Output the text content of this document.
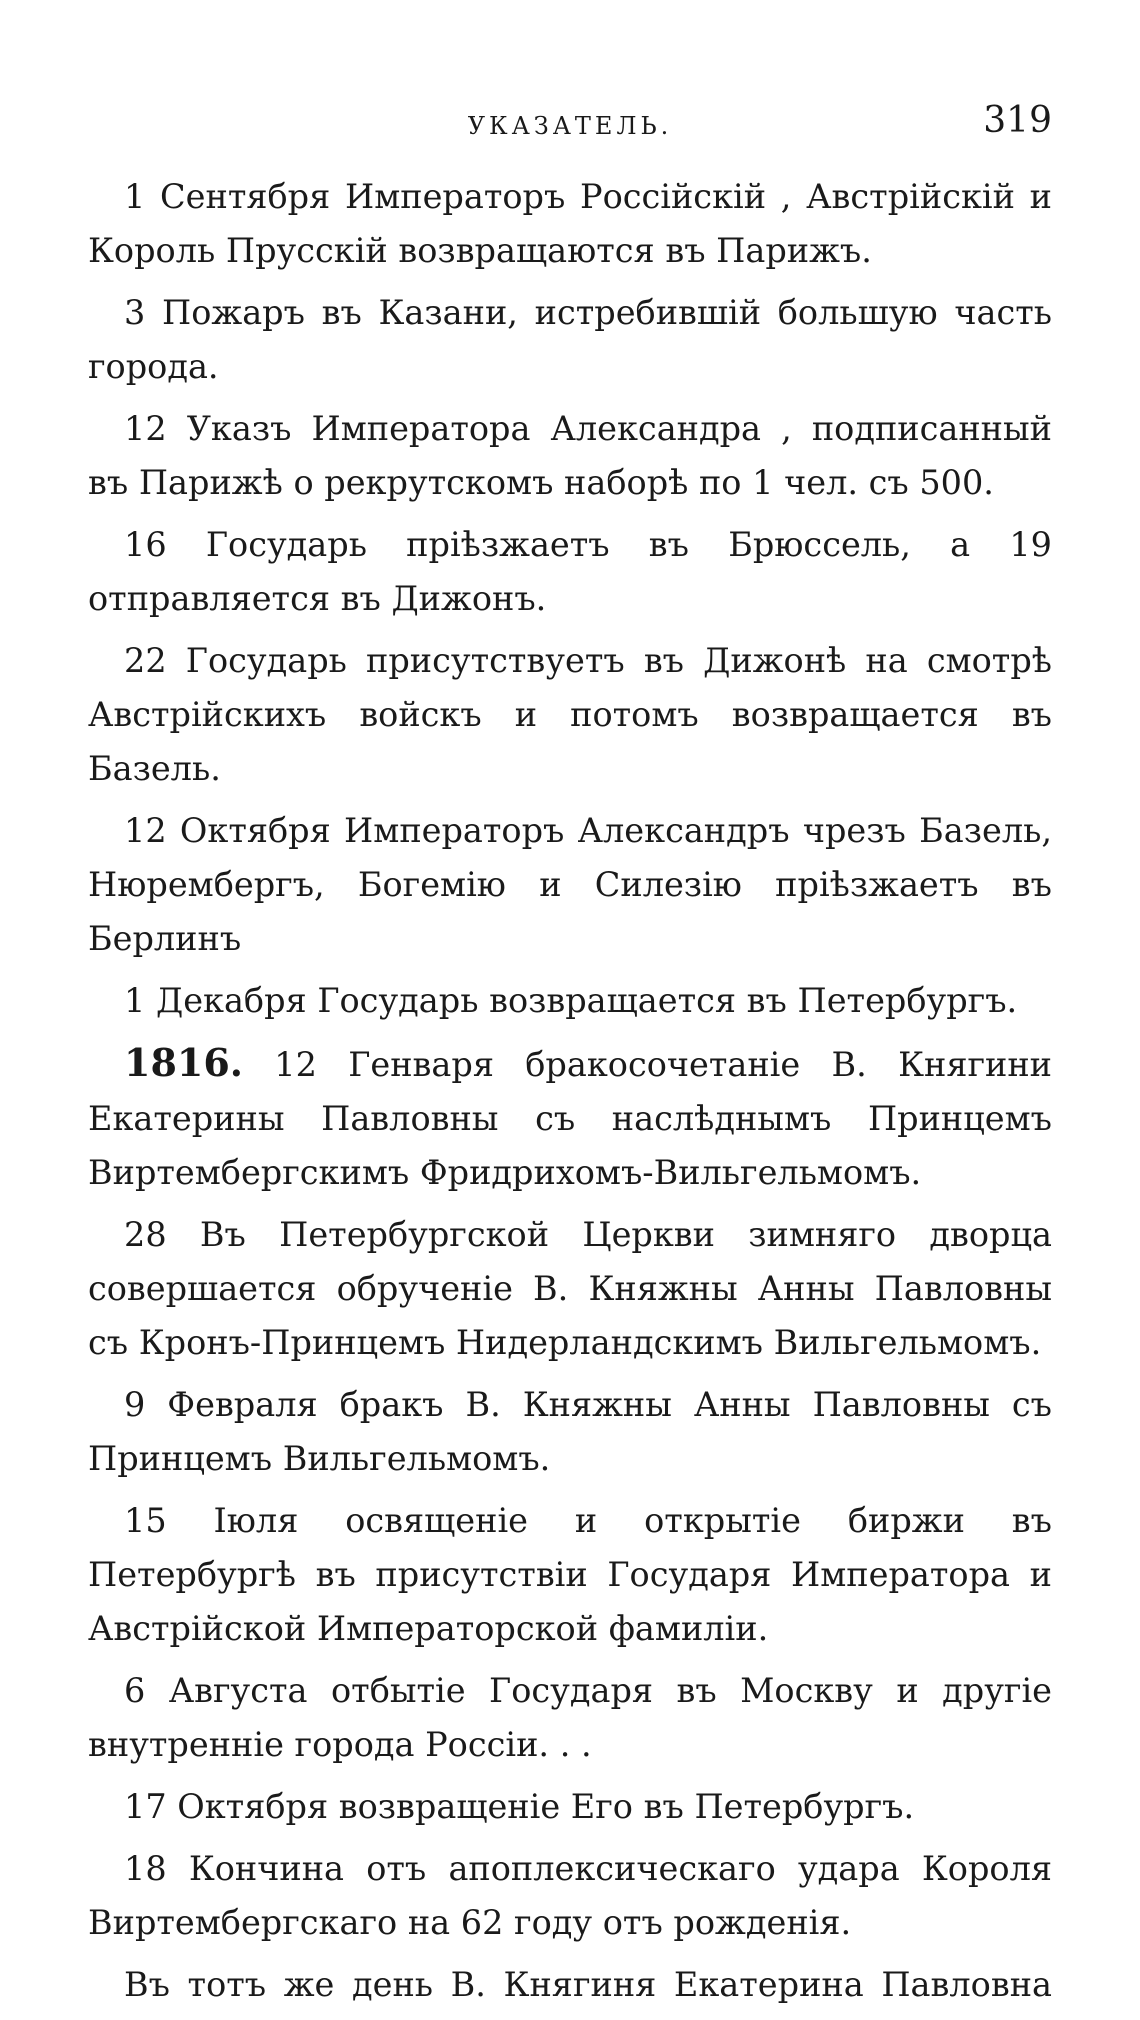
УКАЗАТЕЛЬ.	319

1 Сентября Императоръ Россійскій , Австрійскій и Король Прусскій возвращаются въ Парижъ.

3 Пожаръ въ Казани, истребившій большую часть города.

12 Указъ Императора Александра , подписанный въ Парижѣ о рекрутскомъ наборѣ по 1 чел. съ 500.

16 Государь пріѣзжаетъ въ Брюссель, а 19 отправляется въ Дижонъ.

22 Государь присутствуетъ въ Дижонѣ на смотрѣ Австрійскихъ войскъ и потомъ возвращается въ Базель.

12 Октября Императоръ Александръ чрезъ Базель, Нюрембергъ, Богемію и Силезію пріѣзжаетъ въ Берлинъ

1 Декабря Государь возвращается въ Петербургъ.

1816. 12 Генваря бракосочетаніе В. Княгини Екатерины Павловны съ наслѣднымъ Принцемъ Виртембергскимъ Фридрихомъ-Вильгельмомъ.

28 Въ Петербургской Церкви зимняго дворца совершается обрученіе В. Княжны Анны Павловны съ Кронъ-Принцемъ Нидерландскимъ Вильгельмомъ.

9 Февраля бракъ В. Княжны Анны Павловны съ Принцемъ Вильгельмомъ.

15 Іюля освященіе и открытіе биржи въ Петербургѣ въ присутствіи Государя Императора и Австрійской Императорской фамиліи.

6 Августа отбытіе Государя въ Москву и другіе внутренніе города Россіи. . .

17 Октября возвращеніе Его въ Петербургъ.

18 Кончина отъ апоплексическаго удара Короля Виртембергскаго на 62 году отъ рожденія.

Въ тотъ же день В. Княгиня Екатерина Павловна
